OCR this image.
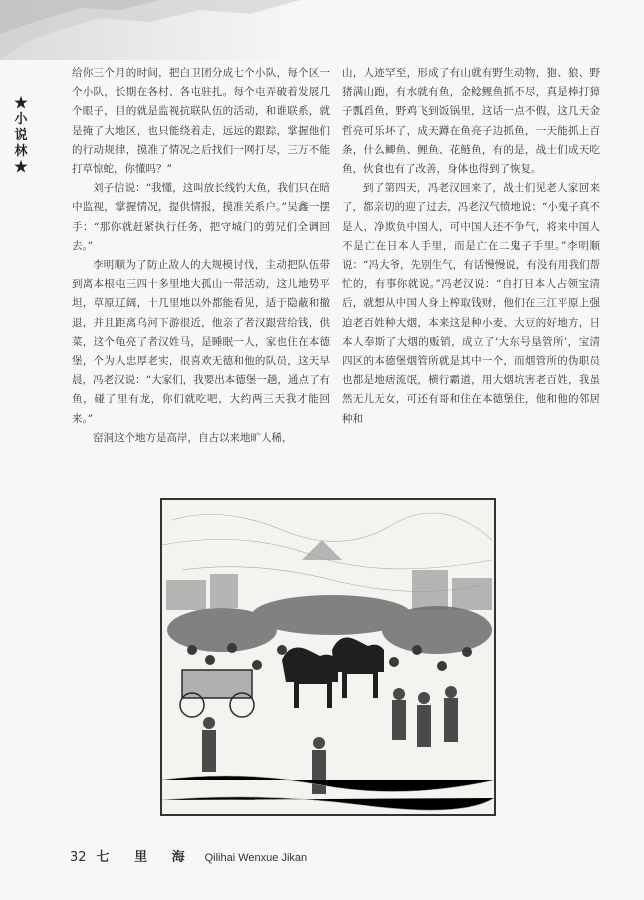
★小说林★

给你三个月的时间，把白卫团分成七个小队，每个区一个小队，长期在各村、各屯驻扎。每个屯弄破着发展几个眼子，目的就是监视抗联队伍的活动，和谁联系，就是掩了大地区，也只能绕着走，远远的跟踪，掌握他们的行动规律，摸准了情况之后找们一网打尽，三万不能打草惊蛇，你懂吗？”

刘子信说：“我懂，这叫放长线钓大鱼，我们只在暗中监视，掌握情况，提供情报，摸准关系户。”吴鑫一摆手：“那你就赶紧执行任务，把守城门的剪兄们全调回去。”

李明顺为了防止敌人的大规模讨伐，主动把队伍带到离本根屯三四十多里地大孤山一带活动，这儿地势平坦，草原辽阔，十几里地以外都能看见，适于隐蔽和撤退，并且距离乌河下游很近，他亲了者汉跟营给钱，供菜，这个龟亮了者汉姓马，是睡眠一人，家也住在本德堡，个为人忠厚老实，很喜欢无德和他的队员，这天早晨，冯老汉说：“大家们，我要出本德堡一趟，通点了有鱼，碰了里有龙，你们就吃吧，大约两三天我才能回来。”

窑洞这个地方是高岸，自古以来地旷人稀，

山，人迹罕至，形成了有山就有野生动物，狍、狼、野猪满山跑，有水就有鱼，金鲶鲤鱼抓不尽，真是棒打獐子瓢舀鱼，野鸡飞到饭锅里，这话一点不假，这几天金哲亮可乐坏了，成天蹲在鱼亮子边抓鱼，一天能抓上百条，什么鲫鱼、鲤鱼、花鲢鱼，有的是，战士们成天吃鱼，伙食也有了改善，身体也得到了恢复。

到了第四天，冯老汉回来了，战士们见老人家回来了，都亲切的迎了过去，冯老汉气愤地说：“小鬼子真不是人，净欺负中国人，可中国人还不争气，将来中国人不是亡在日本人手里，而是亡在二鬼子手里。”李明顺说：“冯大爷，先别生气，有话慢慢说，有没有用我们帮忙的，有事你就说。”冯老汉说：“自打日本人占领宝清后，就想从中国人身上榨取钱财，他们在三江平原上强迫老百姓种大烟，本来这是种小麦、大豆的好地方，日本人奉斯了大烟的贩销，成立了‘大东号垦管所’，宝清四区的本德堡烟管所就是其中一个，而烟管所的伪职员也都是地痞流氓，横行霸道，用大烟坑害老百姓，我虽然无儿无女，可还有哥和住在本德堡住，他和他的邻居种和

32 七 里 海 Qilihai Wenxue Jikan
